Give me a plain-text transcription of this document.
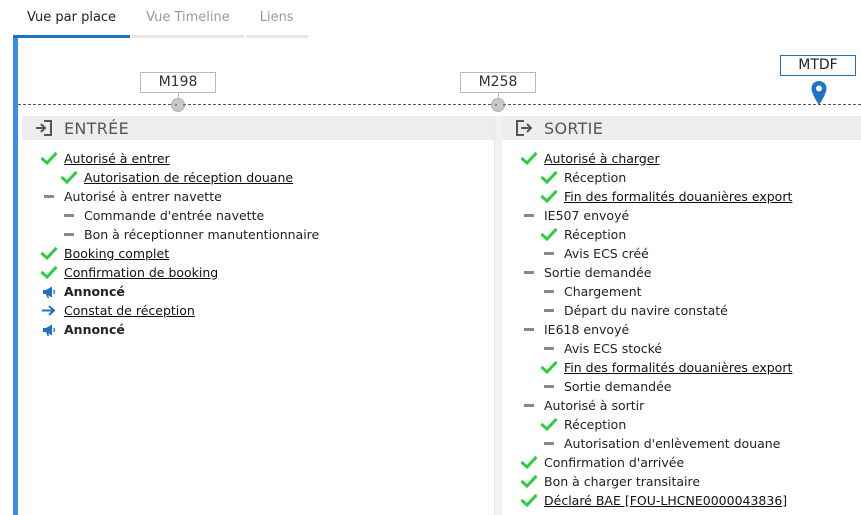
Vue par place	Vue Timeline	Liens
M198	M258
MTDF
ENTRÉE
Autorisé à entrer
Autorisation de réception douane
Autorisé à entrer navette
Commande d'entrée navette
Bon à réceptionner manutentionnaire
Booking complet
Confirmation de booking
Annoncé
Constat de réception
Annoncé
SORTIE
Autorisé à charger
Réception
Fin des formalités douanières export
IE507 envoyé
Réception
Avis ECS créé
Sortie demandée
Chargement
Départ du navire constaté
IE618 envoyé
Avis ECS stocké
Fin des formalités douanières export
Sortie demandée
Autorisé à sortir
Réception
Autorisation d'enlèvement douane
Confirmation d'arrivée
Bon à charger transitaire
Déclaré BAE [FOU-LHCNE0000043836]
